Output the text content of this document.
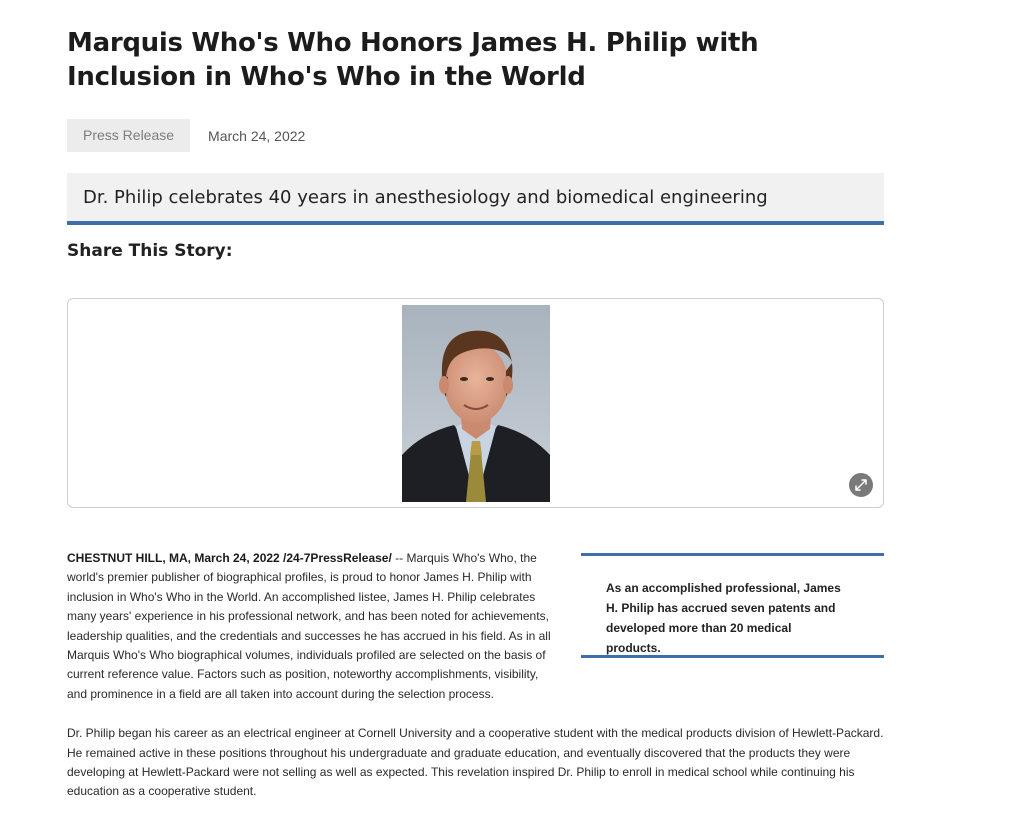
Marquis Who's Who Honors James H. Philip with Inclusion in Who's Who in the World
Press Release	March 24, 2022
Dr. Philip celebrates 40 years in anesthesiology and biomedical engineering
Share This Story:

CHESTNUT HILL, MA, March 24, 2022 /24-7PressRelease/ -- Marquis Who's Who, the world's premier publisher of biographical profiles, is proud to honor James H. Philip with inclusion in Who's Who in the World. An accomplished listee, James H. Philip celebrates many years' experience in his professional network, and has been noted for achievements, leadership qualities, and the credentials and successes he has accrued in his field. As in all Marquis Who's Who biographical volumes, individuals profiled are selected on the basis of current reference value. Factors such as position, noteworthy accomplishments, visibility, and prominence in a field are all taken into account during the selection process.

As an accomplished professional, James H. Philip has accrued seven patents and developed more than 20 medical products.
Dr. Philip began his career as an electrical engineer at Cornell University and a cooperative student with the medical products division of Hewlett-Packard. He remained active in these positions throughout his undergraduate and graduate education, and eventually discovered that the products they were developing at Hewlett-Packard were not selling as well as expected. This revelation inspired Dr. Philip to enroll in medical school while continuing his education as a cooperative student.
